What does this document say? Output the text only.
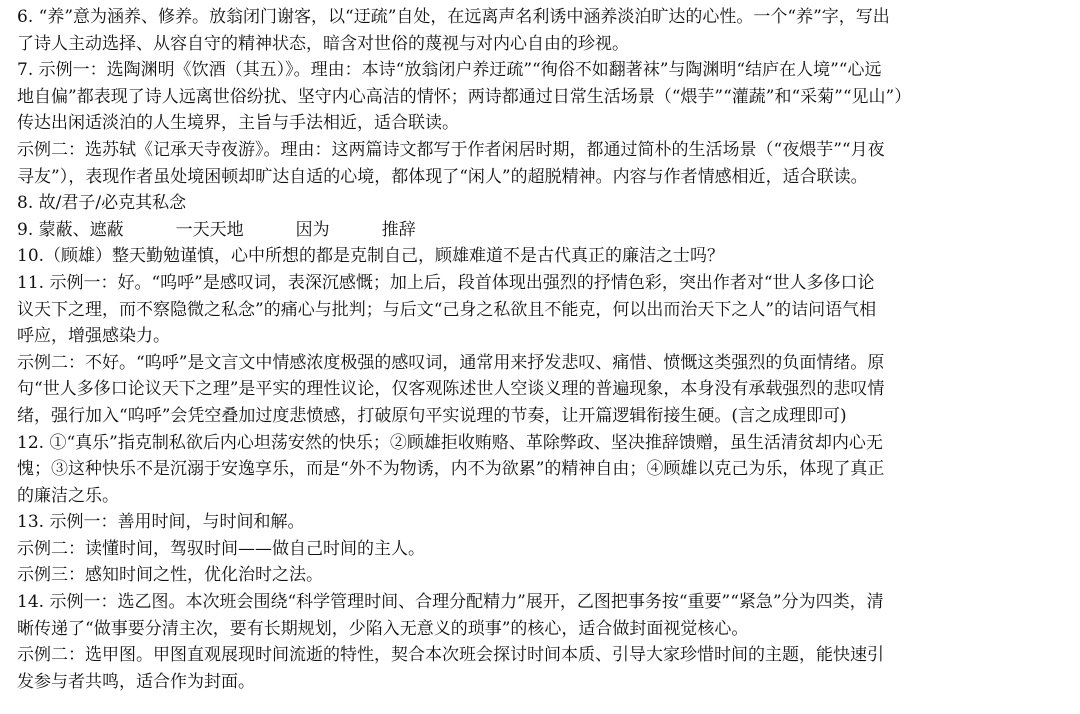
6. “养”意为涵养、修养。放翁闭门谢客，以“迂疏”自处，在远离声名利诱中涵养淡泊旷达的心性。一个“养”字，写出
了诗人主动选择、从容自守的精神状态，暗含对世俗的蔑视与对内心自由的珍视。
7. 示例一：选陶渊明《饮酒（其五）》。理由：本诗“放翁闭户养迂疏”“徇俗不如翻著袜”与陶渊明“结庐在人境”“心远
地自偏”都表现了诗人远离世俗纷扰、坚守内心高洁的情怀；两诗都通过日常生活场景（“煨芋”“灌蔬”和“采菊”“见山”）
传达出闲适淡泊的人生境界，主旨与手法相近，适合联读。
示例二：选苏轼《记承天寺夜游》。理由：这两篇诗文都写于作者闲居时期，都通过简朴的生活场景（“夜煨芋”“月夜
寻友”），表现作者虽处境困顿却旷达自适的心境，都体现了“闲人”的超脱精神。内容与作者情感相近，适合联读。
8. 故/君子/必克其私念
9. 蒙蔽、遮蔽	一天天地	因为	推辞
10.（顾雄）整天勤勉谨慎，心中所想的都是克制自己，顾雄难道不是古代真正的廉洁之士吗？
11. 示例一：好。“呜呼”是感叹词，表深沉感慨；加上后，段首体现出强烈的抒情色彩，突出作者对“世人多侈口论
议天下之理，而不察隐微之私念”的痛心与批判；与后文“己身之私欲且不能克，何以出而治天下之人”的诘问语气相
呼应，增强感染力。
示例二：不好。“呜呼”是文言文中情感浓度极强的感叹词，通常用来抒发悲叹、痛惜、愤慨这类强烈的负面情绪。原
句“世人多侈口论议天下之理”是平实的理性议论，仅客观陈述世人空谈义理的普遍现象，本身没有承载强烈的悲叹情
绪，强行加入“呜呼”会凭空叠加过度悲愤感，打破原句平实说理的节奏，让开篇逻辑衔接生硬。(言之成理即可)
12. ①“真乐”指克制私欲后内心坦荡安然的快乐；②顾雄拒收贿赂、革除弊政、坚决推辞馈赠，虽生活清贫却内心无
愧；③这种快乐不是沉溺于安逸享乐，而是“外不为物诱，内不为欲累”的精神自由；④顾雄以克己为乐，体现了真正
的廉洁之乐。
13. 示例一：善用时间，与时间和解。
示例二：读懂时间，驾驭时间——做自己时间的主人。
示例三：感知时间之性，优化治时之法。
14. 示例一：选乙图。本次班会围绕“科学管理时间、合理分配精力”展开，乙图把事务按“重要”“紧急”分为四类，清
晰传递了“做事要分清主次，要有长期规划，少陷入无意义的琐事”的核心，适合做封面视觉核心。
示例二：选甲图。甲图直观展现时间流逝的特性，契合本次班会探讨时间本质、引导大家珍惜时间的主题，能快速引
发参与者共鸣，适合作为封面。
